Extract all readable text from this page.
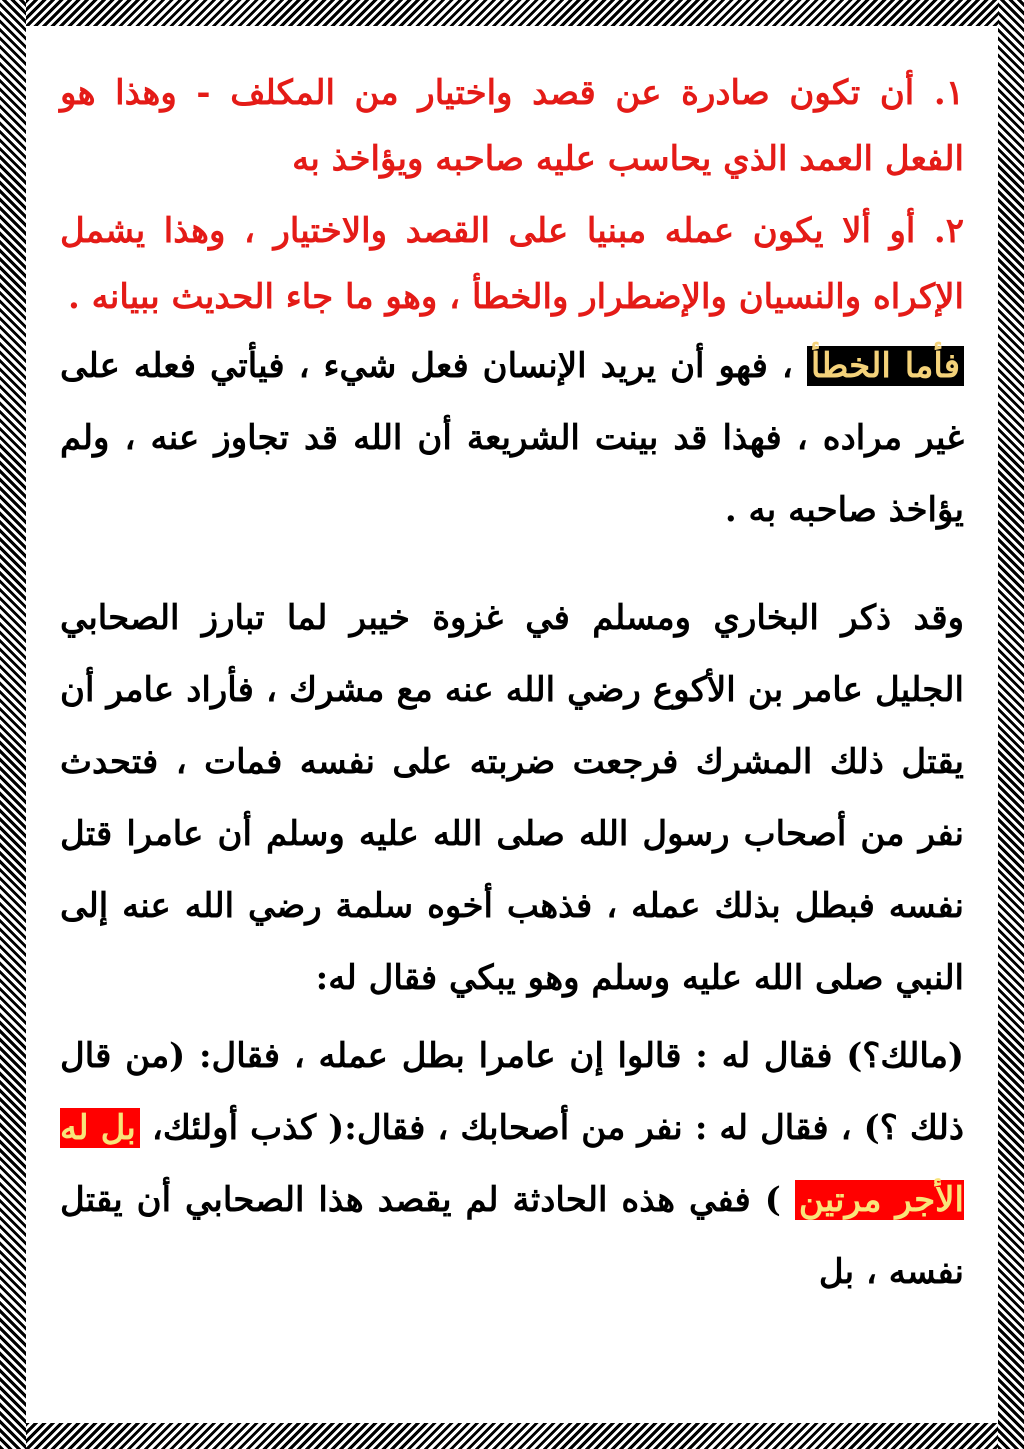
١. أن تكون صادرة عن قصد واختيار من المكلف - وهذا هو الفعل العمد الذي يحاسب عليه صاحبه ويؤاخذ به

٢. أو ألا يكون عمله مبنيا على القصد والاختيار ، وهذا يشمل الإكراه والنسيان والإضطرار والخطأ ، وهو ما جاء الحديث ببيانه .

فأما الخطأ ، فهو أن يريد الإنسان فعل شيء ، فيأتي فعله على غير مراده ، فهذا قد بينت الشريعة أن الله قد تجاوز عنه ، ولم يؤاخذ صاحبه به .

وقد ذكر البخاري ومسلم في غزوة خيبر لما تبارز الصحابي الجليل عامر بن الأكوع رضي الله عنه مع مشرك ، فأراد عامر أن يقتل ذلك المشرك فرجعت ضربته على نفسه فمات ، فتحدث نفر من أصحاب رسول الله صلى الله عليه وسلم أن عامرا قتل نفسه فبطل بذلك عمله ، فذهب أخوه سلمة رضي الله عنه إلى النبي صلى الله عليه وسلم وهو يبكي فقال له:

(مالك؟) فقال له : قالوا إن عامرا بطل عمله ، فقال: (من قال ذلك ؟) ، فقال له : نفر من أصحابك ، فقال:( كذب أولئك، بل له الأجر مرتين ) ففي هذه الحادثة لم يقصد هذا الصحابي أن يقتل نفسه ، بل
